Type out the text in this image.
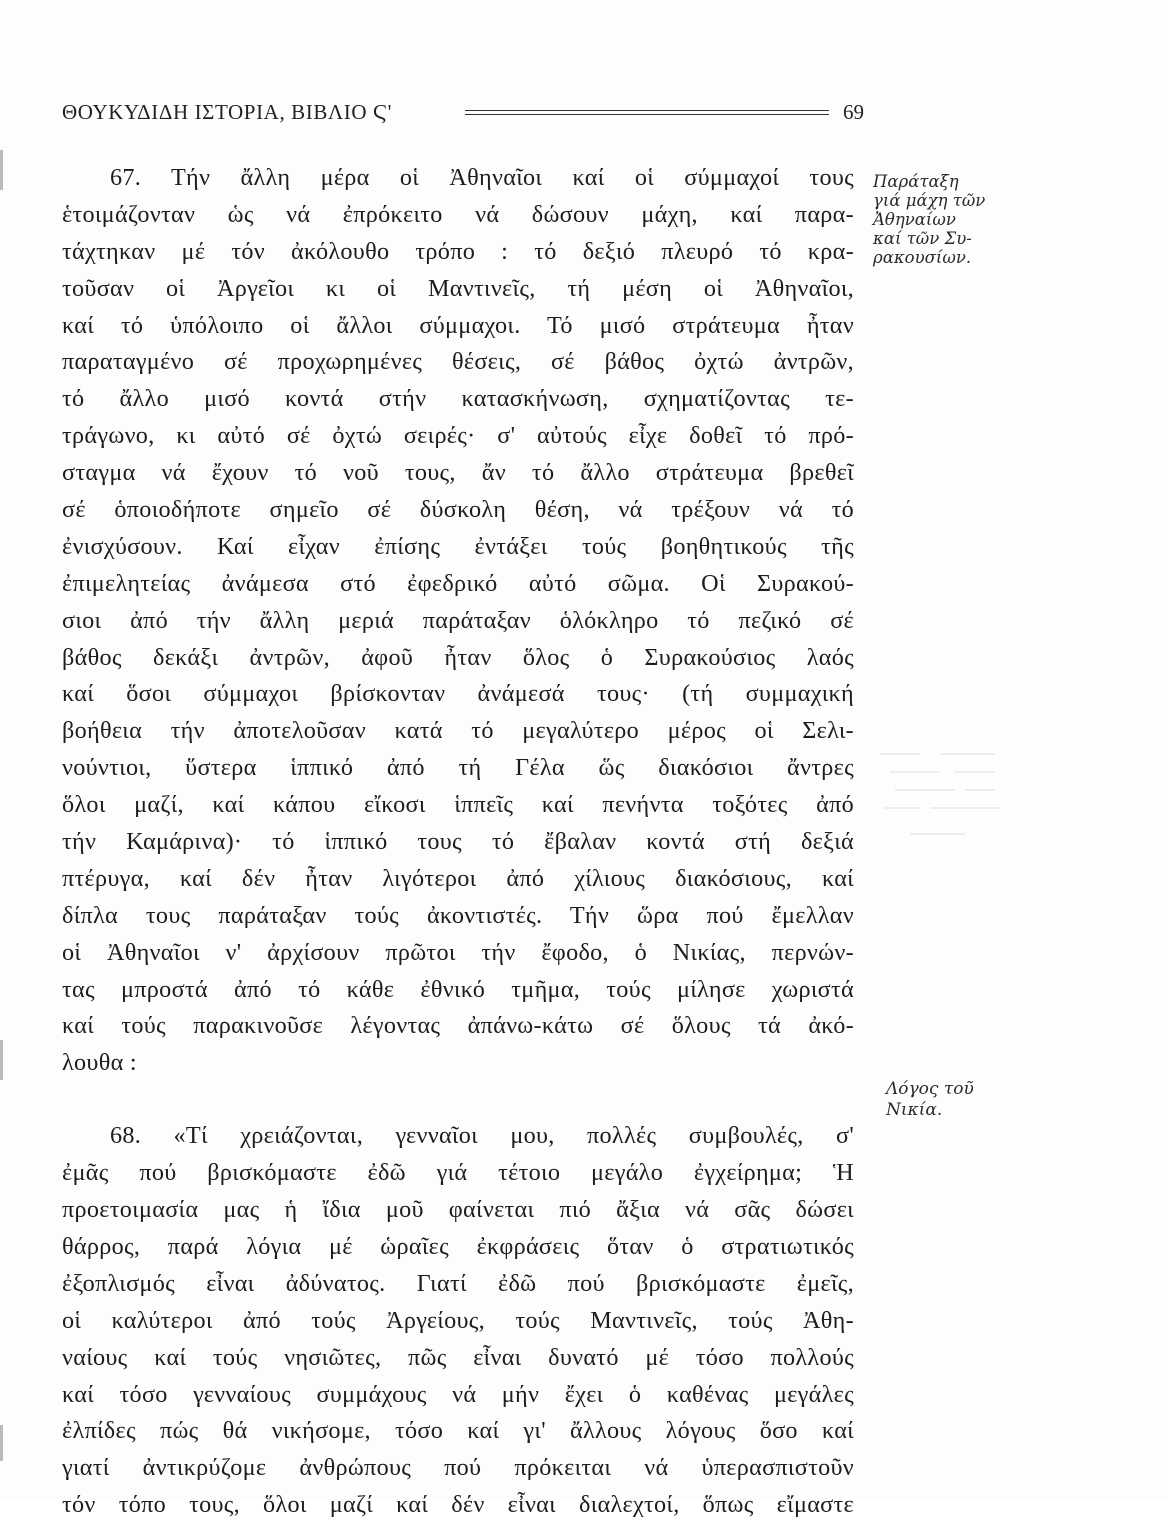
ΘΟΥΚΥΔΙΔΗ ΙΣΤΟΡΙΑ, ΒΙΒΛΙΟ Ϛ'	69
67. Τήν ἄλλη μέρα οἱ Ἀθηναῖοι καί οἱ σύμμαχοί τους
ἑτοιμάζονταν ὡς νά ἐπρόκειτο νά δώσουν μάχη, καί παρα-
τάχτηκαν μέ τόν ἀκόλουθο τρόπο : τό δεξιό πλευρό τό κρα-
τοῦσαν οἱ Ἀργεῖοι κι οἱ Μαντινεῖς, τή μέση οἱ Ἀθηναῖοι,
καί τό ὑπόλοιπο οἱ ἄλλοι σύμμαχοι. Τό μισό στράτευμα ἦταν
παραταγμένο σέ προχωρημένες θέσεις, σέ βάθος ὀχτώ ἀντρῶν,
τό ἄλλο μισό κοντά στήν κατασκήνωση, σχηματίζοντας τε-
τράγωνο, κι αὐτό σέ ὀχτώ σειρές· σ' αὐτούς εἶχε δοθεῖ τό πρό-
σταγμα νά ἔχουν τό νοῦ τους, ἄν τό ἄλλο στράτευμα βρεθεῖ
σέ ὁποιοδήποτε σημεῖο σέ δύσκολη θέση, νά τρέξουν νά τό
ἐνισχύσουν. Καί εἶχαν ἐπίσης ἐντάξει τούς βοηθητικούς τῆς
ἐπιμελητείας ἀνάμεσα στό ἐφεδρικό αὐτό σῶμα. Οἱ Συρακού-
σιοι ἀπό τήν ἄλλη μεριά παράταξαν ὁλόκληρο τό πεζικό σέ
βάθος δεκάξι ἀντρῶν, ἀφοῦ ἦταν ὅλος ὁ Συρακούσιος λαός
καί ὅσοι σύμμαχοι βρίσκονταν ἀνάμεσά τους· (τή συμμαχική
βοήθεια τήν ἀποτελοῦσαν κατά τό μεγαλύτερο μέρος οἱ Σελι-
νούντιοι, ὕστερα ἱππικό ἀπό τή Γέλα ὥς διακόσιοι ἄντρες
ὅλοι μαζί, καί κάπου εἴκοσι ἱππεῖς καί πενήντα τοξότες ἀπό
τήν Καμάρινα)· τό ἱππικό τους τό ἔβαλαν κοντά στή δεξιά
πτέρυγα, καί δέν ἦταν λιγότεροι ἀπό χίλιους διακόσιους, καί
δίπλα τους παράταξαν τούς ἀκοντιστές. Τήν ὥρα πού ἔμελλαν
οἱ Ἀθηναῖοι ν' ἀρχίσουν πρῶτοι τήν ἔφοδο, ὁ Νικίας, περνών-
τας μπροστά ἀπό τό κάθε ἐθνικό τμῆμα, τούς μίλησε χωριστά
καί τούς παρακινοῦσε λέγοντας ἀπάνω-κάτω σέ ὅλους τά ἀκό-
λουθα :
68. «Τί χρειάζονται, γενναῖοι μου, πολλές συμβουλές, σ'
ἐμᾶς πού βρισκόμαστε ἐδῶ γιά τέτοιο μεγάλο ἐγχείρημα; Ἡ
προετοιμασία μας ἡ ἴδια μοῦ φαίνεται πιό ἄξια νά σᾶς δώσει
θάρρος, παρά λόγια μέ ὡραῖες ἐκφράσεις ὅταν ὁ στρατιωτικός
ἐξοπλισμός εἶναι ἀδύνατος. Γιατί ἐδῶ πού βρισκόμαστε ἐμεῖς,
οἱ καλύτεροι ἀπό τούς Ἀργείους, τούς Μαντινεῖς, τούς Ἀθη-
ναίους καί τούς νησιῶτες, πῶς εἶναι δυνατό μέ τόσο πολλούς
καί τόσο γενναίους συμμάχους νά μήν ἔχει ὁ καθένας μεγάλες
ἐλπίδες πώς θά νικήσομε, τόσο καί γι' ἄλλους λόγους ὅσο καί
γιατί ἀντικρύζομε ἀνθρώπους πού πρόκειται νά ὑπερασπιστοῦν
τόν τόπο τους, ὅλοι μαζί καί δέν εἶναι διαλεχτοί, ὅπως εἴμαστε
Παράταξη
γιά μάχη τῶν
Ἀθηναίων
καί τῶν Συ-
ρακουσίων.
Λόγος τοῦ
Νικία.
